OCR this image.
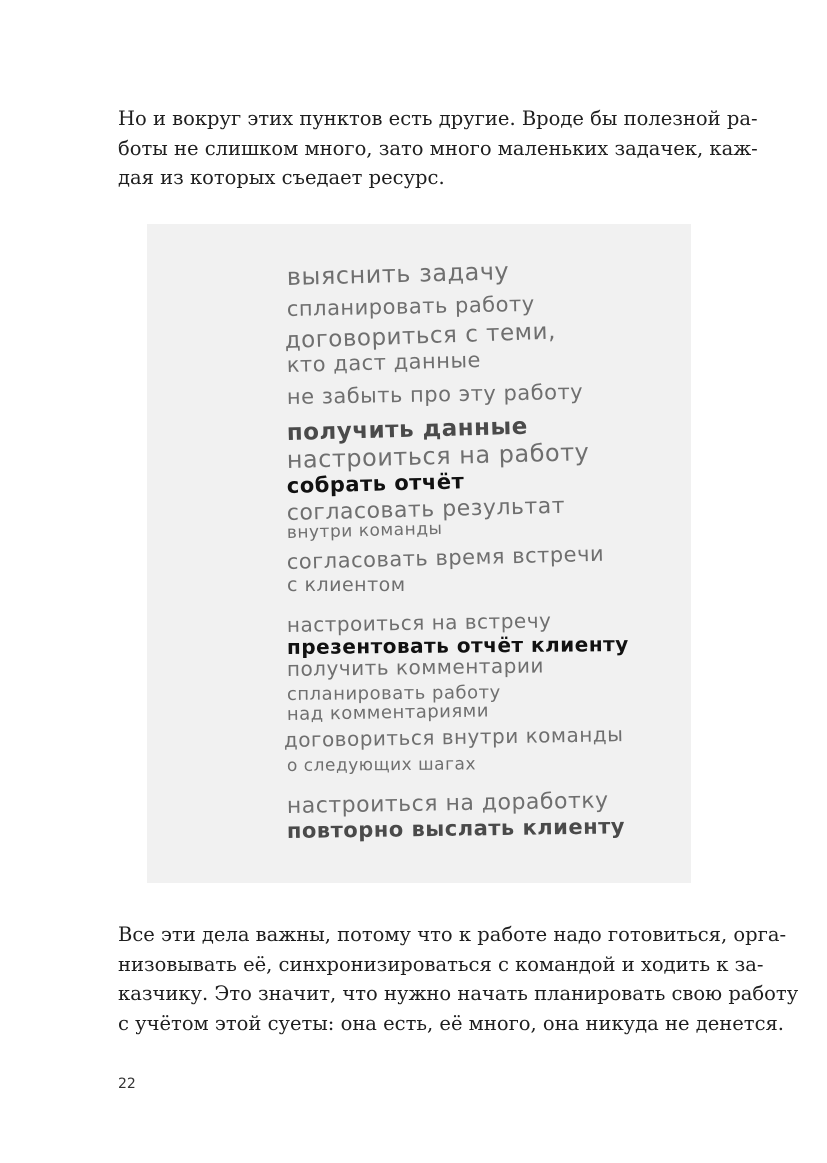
Но и вокруг этих пунктов есть другие. Вроде бы полезной ра-
боты не слишком много, зато много маленьких задачек, каж-
дая из которых съедает ресурс.

выяснить задачу
спланировать работу
договориться с теми,
кто даст данные
не забыть про эту работу
получить данные
настроиться на работу
собрать отчёт
согласовать результат
внутри команды
согласовать время встречи
с клиентом
настроиться на встречу
презентовать отчёт клиенту
получить комментарии
спланировать работу
над комментариями
договориться внутри команды
о следующих шагах
настроиться на доработку
повторно выслать клиенту

Все эти дела важны, потому что к работе надо готовиться, орга-
низовывать её, синхронизироваться с командой и ходить к за-
казчику. Это значит, что нужно начать планировать свою работу
с учётом этой суеты: она есть, её много, она никуда не денется.

22
